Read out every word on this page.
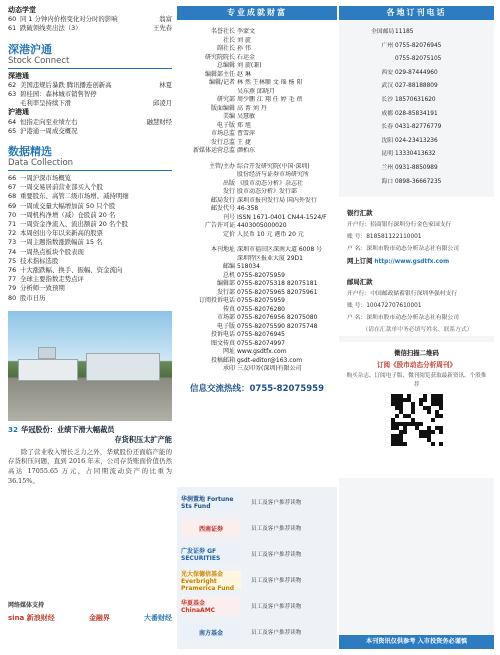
动态学堂
60 同 1 分钟内价格变化对分时的影响	翁富
61 跌破领线卖出法（3）	王先春
深港沪通
Stock Connect
深港通
62 美国违规后暴跌 腾讯播连创新高	林夏
63 碧桂园：森林城市销售智停
毛利率呈持续下滑	邱凌月
沪港通
64 恒指走向至业绩左右	融慧财经
65 沪港通一周成交概况
数据精选
Data Collection
66 一周沪深市场概览
67 一周交易居前营业部买入个股
68 重要股东、高管二级市场增、减持明细
69 一周成交量大幅增加前 50 只个股
70 一周机构净增（减）仓股前 20 名
71 一周资金净流入、流出额前 20 名个股
72 本周创出今年以来新高的股票
73 一周主题指数涨跌幅前 15 名
74 一周热点板块个股表现
75 技术指标选股
76 十大涨跌幅、换手、振幅、资金流向
77 全球主要指数走势点评
79 分析师一致预期
80 股市日历
32 华冠股份：业绩下滑大幅裁员
存货积压太扩产能
除了营业收入增长乏力之外，华斌股份还面临产能的存货积压问题，直到 2016 年末，公司存货账面价值仍然高达 17055.65 万元，占同期流动资产的比重为 36.15%。
网络媒体支持
sina 新浪财经	金融界	大番财经
专业成就财富
名誉社长 李蒙文
社长 刘 旋
副社长 孙 伟
研究院院长 石运金
总编辑 刘 旋(兼)
编辑部主任 赵 琳
编辑/记者 林 然 王林顺 文 瑶 杨 阳
吴东燕 邱晓月
研究部 周少鹏 江 翔 任 婷 毛 蓓
版面编辑 高 菁 刘 丹
美编 吴慧敏
电子版 郑 旭
市场总监 曹雪萍
发行总监 王 捷
新媒体运营总监 颜栢东
主管/主办 综合开发研究院(中国·深圳)
股份经济与证券市场研究所
出版 《股市动态分析》杂志社
发行 股市动态分析》发行部
邮局发行 深圳市报刊发行局 国内外发行
邮发代号 46-358
刊号 ISSN 1671-0401 CN44-1524/F
广告许可证 4403005000020
定价 人民币 10 元 港币 20 元
本刊地址 深圳市福田区深南大道 6008 号
深圳特区报业大厦 29D1
邮编 518034
总机 0755-82075959
编辑部 0755-82075318 82075181
发行部 0755-82075965 82075961
订阅投诉电话 0755-82075959
传真 0755-82076280
市场部 0755-82076956 82075080
电子版 0755-82075590 82075748
投诉电话 0755-82076945
图文传真 0755-82074997
网址 www.gsdtfx.com
投稿邮箱 gsdt-editor@163.com
承印 三友印务(深圳)有限公司
信息交流热线：0755-82075959
华润置地 Fortune Sts Fund	员工及客户推荐读物
西南证券	员工及客户推荐读物
广发证券 GF SECURITIES	员工及客户推荐读物
光大保德信基金 Everbright Pramerica Fund
员工及客户推荐读物
华夏基金 ChinaAMC	员工及客户推荐读物
南方基金	员工及客户推荐读物
各地订刊电话
全国邮局 11185
广州 0755-82076945
0755-82075105
西安 029-87444960
武汉 027-88188809
长沙 18570631620
成都 028-85834191
长春 0431-82776779
沈阳 024-23413236
昆明 13330413632
兰州 0931-8850989
海口 0898-36667235
银行汇款
开户行：招商银行深圳分行金色家园支行
账 号：818581122110001
户 名：深圳市股市动态分析杂志社有限公司
网上订阅 http://www.gsdtfx.com
邮局汇款
开户行：中国邮政储蓄银行深圳华强村支行
账 号：100472707610001
户 名：深圳市股市动态分析杂志社有限公司
（请在汇款单中务必填写姓名、联系方式）
微信扫描二维码
订阅《股市动态分析周刊》
购买杂志、订阅电子版、微刊阅览获取最新资讯、个股推荐
本刊资讯仅供参考 入市投资务必谨慎
